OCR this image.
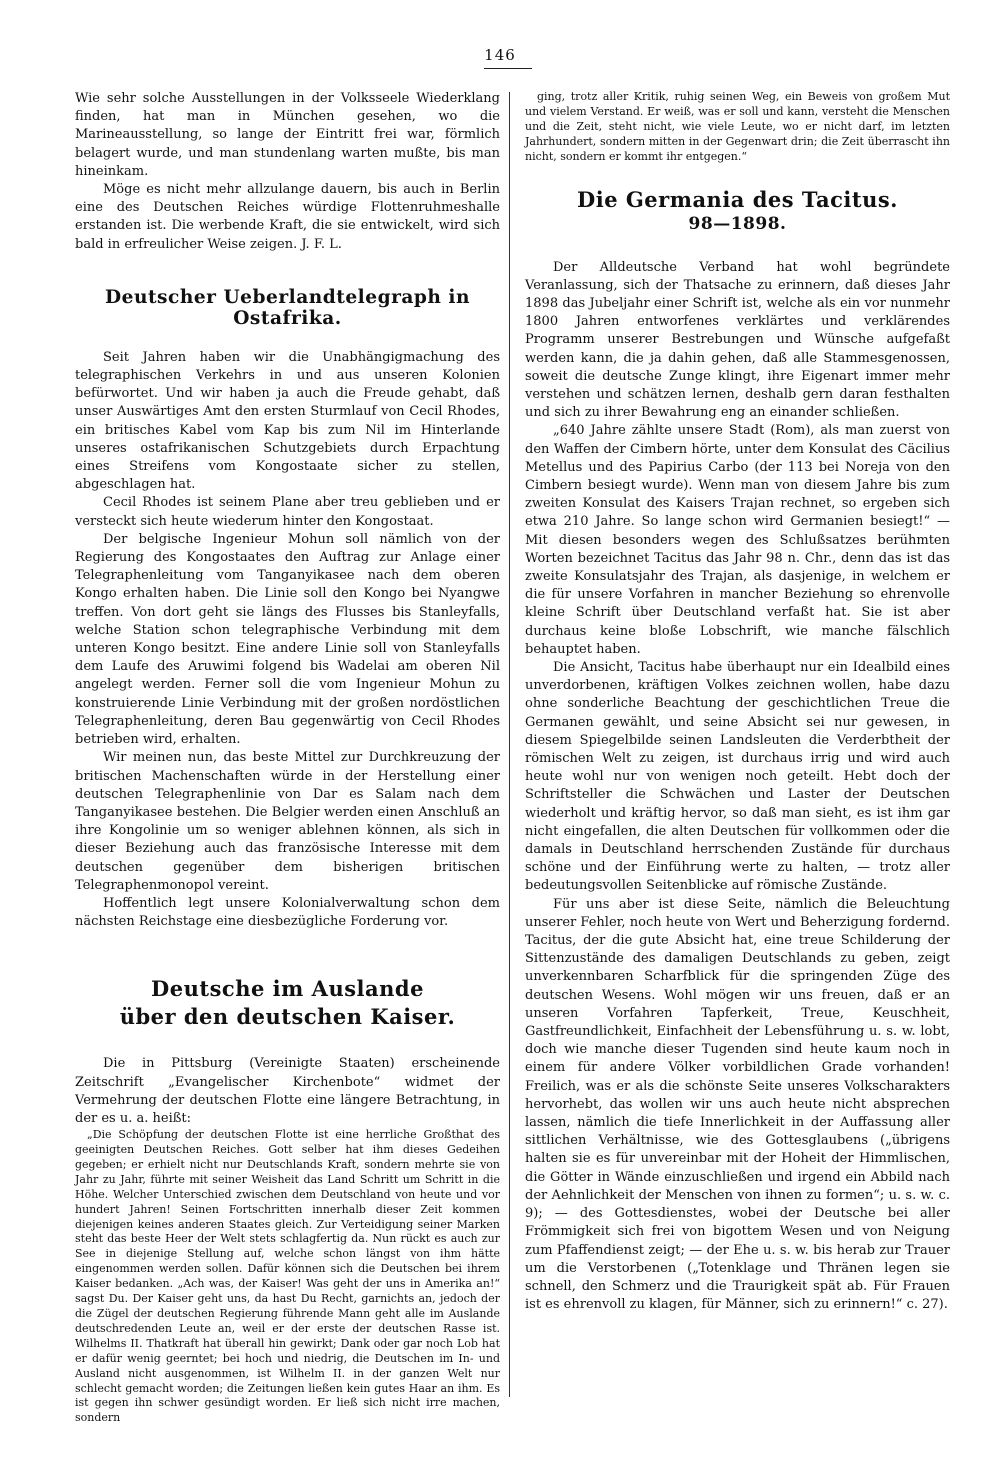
146

Wie sehr solche Ausstellungen in der Volksseele Wiederklang finden, hat man in München gesehen, wo die Marineausstellung, so lange der Eintritt frei war, förmlich belagert wurde, und man stundenlang warten mußte, bis man hineinkam.

Möge es nicht mehr allzulange dauern, bis auch in Berlin eine des Deutschen Reiches würdige Flottenruhmeshalle erstanden ist. Die werbende Kraft, die sie entwickelt, wird sich bald in erfreulicher Weise zeigen. J. F. L.

Deutscher Ueberlandtelegraph in Ostafrika.

Seit Jahren haben wir die Unabhängigmachung des telegraphischen Verkehrs in und aus unseren Kolonien befürwortet. Und wir haben ja auch die Freude gehabt, daß unser Auswärtiges Amt den ersten Sturmlauf von Cecil Rhodes, ein britisches Kabel vom Kap bis zum Nil im Hinterlande unseres ostafrikanischen Schutzgebiets durch Erpachtung eines Streifens vom Kongostaate sicher zu stellen, abgeschlagen hat.

Cecil Rhodes ist seinem Plane aber treu geblieben und er versteckt sich heute wiederum hinter den Kongostaat.

Der belgische Ingenieur Mohun soll nämlich von der Regierung des Kongostaates den Auftrag zur Anlage einer Telegraphenleitung vom Tanganyikasee nach dem oberen Kongo erhalten haben. Die Linie soll den Kongo bei Nyangwe treffen. Von dort geht sie längs des Flusses bis Stanleyfalls, welche Station schon telegraphische Verbindung mit dem unteren Kongo besitzt. Eine andere Linie soll von Stanleyfalls dem Laufe des Aruwimi folgend bis Wadelai am oberen Nil angelegt werden. Ferner soll die vom Ingenieur Mohun zu konstruierende Linie Verbindung mit der großen nordöstlichen Telegraphenleitung, deren Bau gegenwärtig von Cecil Rhodes betrieben wird, erhalten.

Wir meinen nun, das beste Mittel zur Durchkreuzung der britischen Machenschaften würde in der Herstellung einer deutschen Telegraphenlinie von Dar es Salam nach dem Tanganyikasee bestehen. Die Belgier werden einen Anschluß an ihre Kongolinie um so weniger ablehnen können, als sich in dieser Beziehung auch das französische Interesse mit dem deutschen gegenüber dem bisherigen britischen Telegraphenmonopol vereint.

Hoffentlich legt unsere Kolonialverwaltung schon dem nächsten Reichstage eine diesbezügliche Forderung vor.

Deutsche im Auslande
über den deutschen Kaiser.

Die in Pittsburg (Vereinigte Staaten) erscheinende Zeitschrift „Evangelischer Kirchenbote“ widmet der Vermehrung der deutschen Flotte eine längere Betrachtung, in der es u. a. heißt:

„Die Schöpfung der deutschen Flotte ist eine herrliche Großthat des geeinigten Deutschen Reiches. Gott selber hat ihm dieses Gedeihen gegeben; er erhielt nicht nur Deutschlands Kraft, sondern mehrte sie von Jahr zu Jahr, führte mit seiner Weisheit das Land Schritt um Schritt in die Höhe. Welcher Unterschied zwischen dem Deutschland von heute und vor hundert Jahren! Seinen Fortschritten innerhalb dieser Zeit kommen diejenigen keines anderen Staates gleich. Zur Verteidigung seiner Marken steht das beste Heer der Welt stets schlagfertig da. Nun rückt es auch zur See in diejenige Stellung auf, welche schon längst von ihm hätte eingenommen werden sollen. Dafür können sich die Deutschen bei ihrem Kaiser bedanken. „Ach was, der Kaiser! Was geht der uns in Amerika an!“ sagst Du. Der Kaiser geht uns, da hast Du Recht, garnichts an, jedoch der die Zügel der deutschen Regierung führende Mann geht alle im Auslande deutschredenden Leute an, weil er der erste der deutschen Rasse ist. Wilhelms II. Thatkraft hat überall hin gewirkt; Dank oder gar noch Lob hat er dafür wenig geerntet; bei hoch und niedrig, die Deutschen im In- und Ausland nicht ausgenommen, ist Wilhelm II. in der ganzen Welt nur schlecht gemacht worden; die Zeitungen ließen kein gutes Haar an ihm. Es ist gegen ihn schwer gesündigt worden. Er ließ sich nicht irre machen, sondern

ging, trotz aller Kritik, ruhig seinen Weg, ein Beweis von großem Mut und vielem Verstand. Er weiß, was er soll und kann, versteht die Menschen und die Zeit, steht nicht, wie viele Leute, wo er nicht darf, im letzten Jahrhundert, sondern mitten in der Gegenwart drin; die Zeit überrascht ihn nicht, sondern er kommt ihr entgegen.“

Die Germania des Tacitus.
98—1898.

Der Alldeutsche Verband hat wohl begründete Veranlassung, sich der Thatsache zu erinnern, daß dieses Jahr 1898 das Jubeljahr einer Schrift ist, welche als ein vor nunmehr 1800 Jahren entworfenes verklärtes und verklärendes Programm unserer Bestrebungen und Wünsche aufgefaßt werden kann, die ja dahin gehen, daß alle Stammesgenossen, soweit die deutsche Zunge klingt, ihre Eigenart immer mehr verstehen und schätzen lernen, deshalb gern daran festhalten und sich zu ihrer Bewahrung eng an einander schließen.

„640 Jahre zählte unsere Stadt (Rom), als man zuerst von den Waffen der Cimbern hörte, unter dem Konsulat des Cäcilius Metellus und des Papirius Carbo (der 113 bei Noreja von den Cimbern besiegt wurde). Wenn man von diesem Jahre bis zum zweiten Konsulat des Kaisers Trajan rechnet, so ergeben sich etwa 210 Jahre. So lange schon wird Germanien besiegt!“ — Mit diesen besonders wegen des Schlußsatzes berühmten Worten bezeichnet Tacitus das Jahr 98 n. Chr., denn das ist das zweite Konsulatsjahr des Trajan, als dasjenige, in welchem er die für unsere Vorfahren in mancher Beziehung so ehrenvolle kleine Schrift über Deutschland verfaßt hat. Sie ist aber durchaus keine bloße Lobschrift, wie manche fälschlich behauptet haben.

Die Ansicht, Tacitus habe überhaupt nur ein Idealbild eines unverdorbenen, kräftigen Volkes zeichnen wollen, habe dazu ohne sonderliche Beachtung der geschichtlichen Treue die Germanen gewählt, und seine Absicht sei nur gewesen, in diesem Spiegelbilde seinen Landsleuten die Verderbtheit der römischen Welt zu zeigen, ist durchaus irrig und wird auch heute wohl nur von wenigen noch geteilt. Hebt doch der Schriftsteller die Schwächen und Laster der Deutschen wiederholt und kräftig hervor, so daß man sieht, es ist ihm gar nicht eingefallen, die alten Deutschen für vollkommen oder die damals in Deutschland herrschenden Zustände für durchaus schöne und der Einführung werte zu halten, — trotz aller bedeutungsvollen Seitenblicke auf römische Zustände.

Für uns aber ist diese Seite, nämlich die Beleuchtung unserer Fehler, noch heute von Wert und Beherzigung fordernd. Tacitus, der die gute Absicht hat, eine treue Schilderung der Sittenzustände des damaligen Deutschlands zu geben, zeigt unverkennbaren Scharfblick für die springenden Züge des deutschen Wesens. Wohl mögen wir uns freuen, daß er an unseren Vorfahren Tapferkeit, Treue, Keuschheit, Gastfreundlichkeit, Einfachheit der Lebensführung u. s. w. lobt, doch wie manche dieser Tugenden sind heute kaum noch in einem für andere Völker vorbildlichen Grade vorhanden! Freilich, was er als die schönste Seite unseres Volkscharakters hervorhebt, das wollen wir uns auch heute nicht absprechen lassen, nämlich die tiefe Innerlichkeit in der Auffassung aller sittlichen Verhältnisse, wie des Gottesglaubens („übrigens halten sie es für unvereinbar mit der Hoheit der Himmlischen, die Götter in Wände einzuschließen und irgend ein Abbild nach der Aehnlichkeit der Menschen von ihnen zu formen“; u. s. w. c. 9); — des Gottesdienstes, wobei der Deutsche bei aller Frömmigkeit sich frei von bigottem Wesen und von Neigung zum Pfaffendienst zeigt; — der Ehe u. s. w. bis herab zur Trauer um die Verstorbenen („Totenklage und Thränen legen sie schnell, den Schmerz und die Traurigkeit spät ab. Für Frauen ist es ehrenvoll zu klagen, für Männer, sich zu erinnern!“ c. 27).
